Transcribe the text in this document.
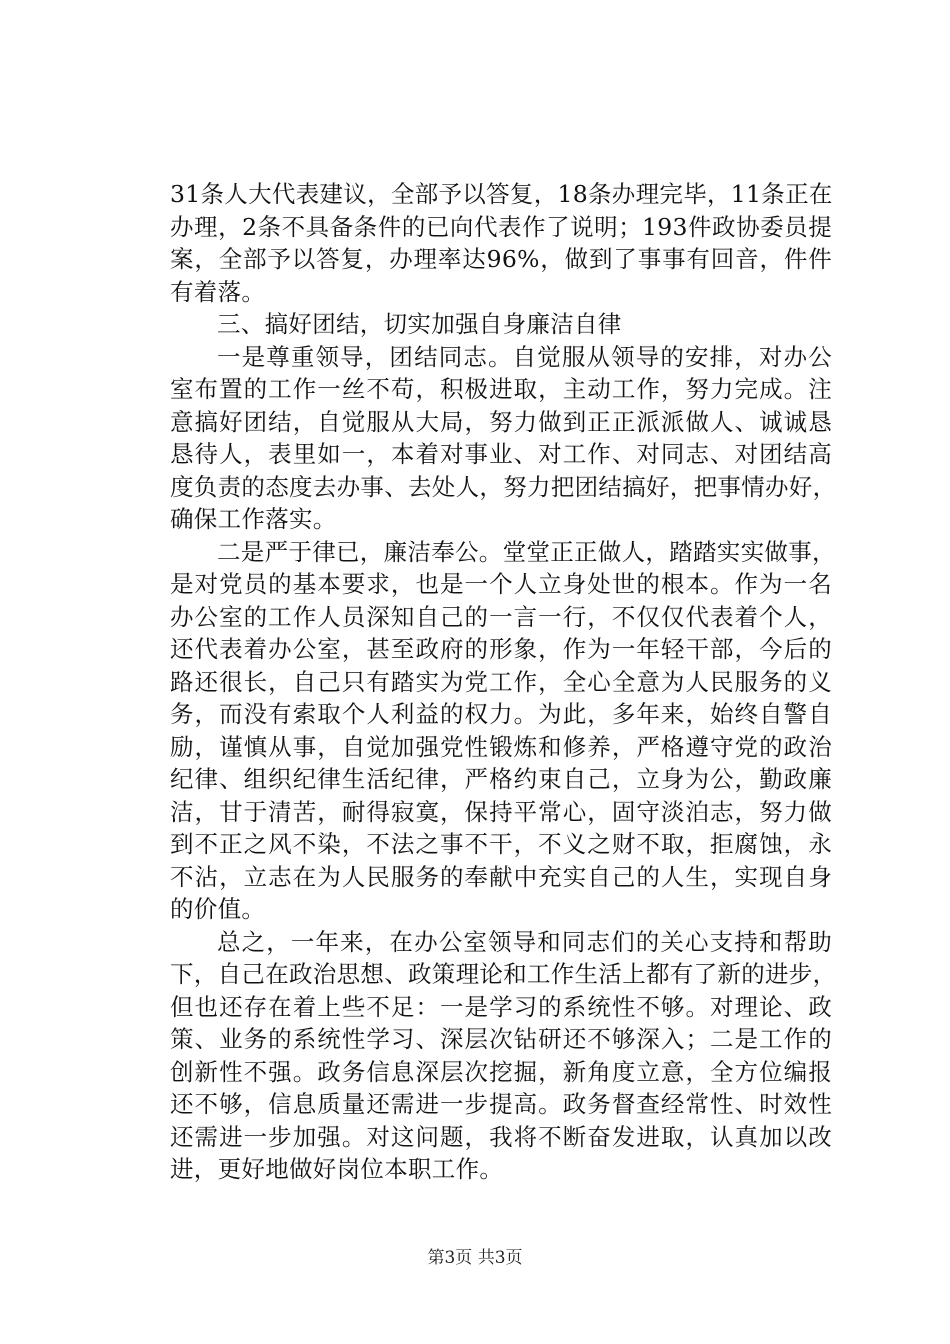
31条人大代表建议，全部予以答复，18条办理完毕，11条正在
办理，2条不具备条件的已向代表作了说明；193件政协委员提
案，全部予以答复，办理率达96%，做到了事事有回音，件件
有着落。
三、搞好团结，切实加强自身廉洁自律
一是尊重领导，团结同志。自觉服从领导的安排，对办公
室布置的工作一丝不苟，积极进取，主动工作，努力完成。注
意搞好团结，自觉服从大局，努力做到正正派派做人、诚诚恳
恳待人，表里如一，本着对事业、对工作、对同志、对团结高
度负责的态度去办事、去处人，努力把团结搞好，把事情办好，
确保工作落实。
二是严于律已，廉洁奉公。堂堂正正做人，踏踏实实做事，
是对党员的基本要求，也是一个人立身处世的根本。作为一名
办公室的工作人员深知自己的一言一行，不仅仅代表着个人，
还代表着办公室，甚至政府的形象，作为一年轻干部，今后的
路还很长，自己只有踏实为党工作，全心全意为人民服务的义
务，而没有索取个人利益的权力。为此，多年来，始终自警自
励，谨慎从事，自觉加强党性锻炼和修养，严格遵守党的政治
纪律、组织纪律生活纪律，严格约束自己，立身为公，勤政廉
洁，甘于清苦，耐得寂寞，保持平常心，固守淡泊志，努力做
到不正之风不染，不法之事不干，不义之财不取，拒腐蚀，永
不沾，立志在为人民服务的奉献中充实自己的人生，实现自身
的价值。
总之，一年来，在办公室领导和同志们的关心支持和帮助
下，自己在政治思想、政策理论和工作生活上都有了新的进步，
但也还存在着上些不足：一是学习的系统性不够。对理论、政
策、业务的系统性学习、深层次钻研还不够深入；二是工作的
创新性不强。政务信息深层次挖掘，新角度立意，全方位编报
还不够，信息质量还需进一步提高。政务督查经常性、时效性
还需进一步加强。对这问题，我将不断奋发进取，认真加以改
进，更好地做好岗位本职工作。
第3页 共3页
